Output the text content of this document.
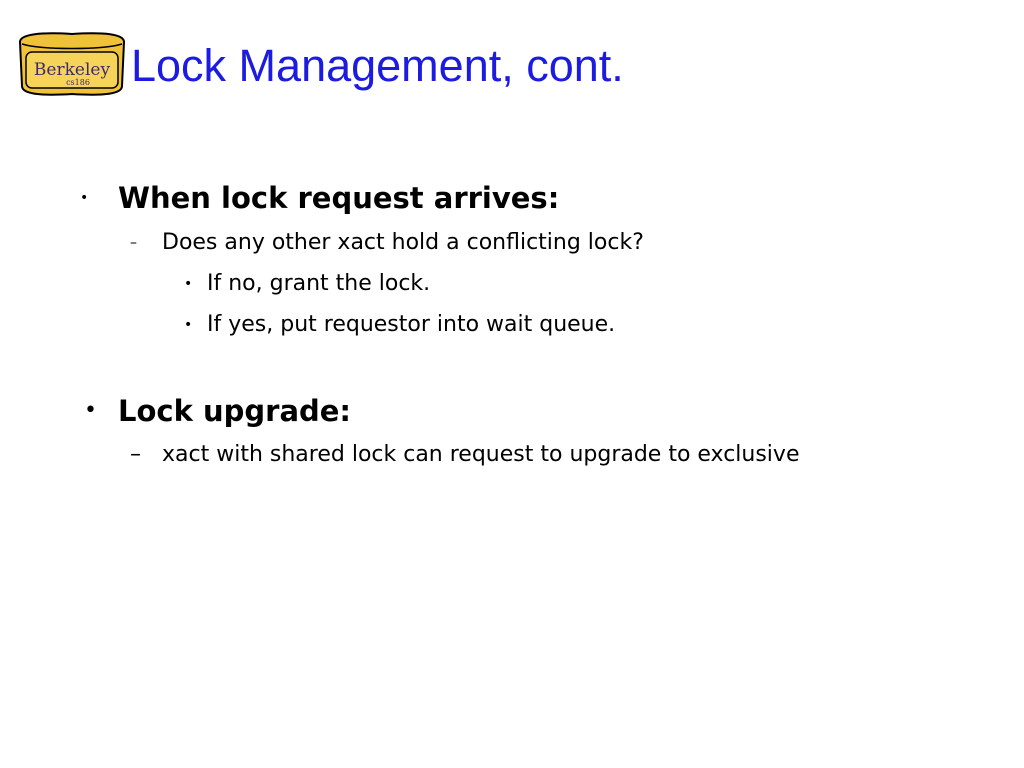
Berkeley
cs186 Lock Management, cont.
• When lock request arrives:
– Does any other xact hold a conflicting lock?
• If no, grant the lock.
• If yes, put requestor into wait queue.
• Lock upgrade:
– xact with shared lock can request to upgrade to exclusive
